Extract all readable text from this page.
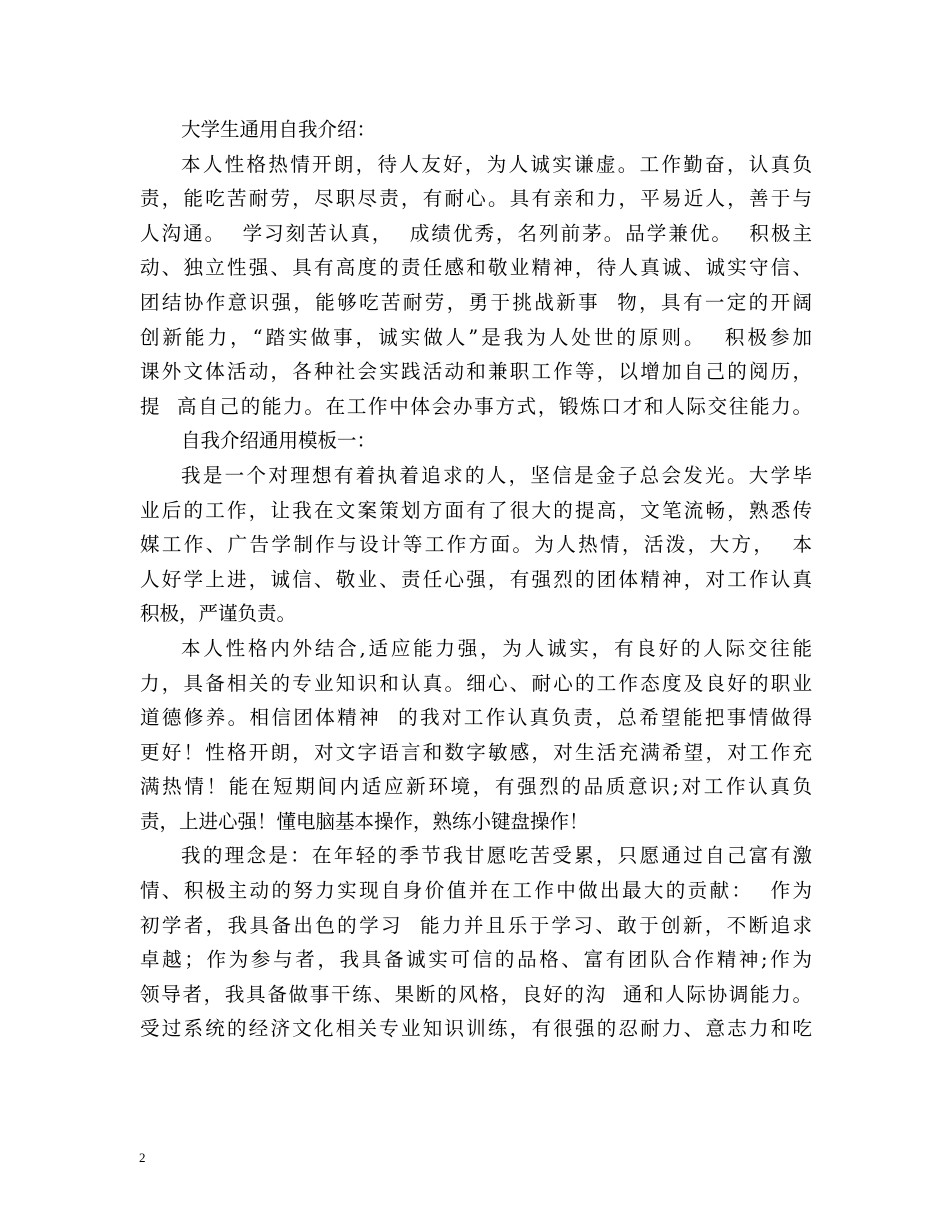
大学生通用自我介绍：
本人性格热情开朗，待人友好，为人诚实谦虚。工作勤奋，认真负
责，能吃苦耐劳，尽职尽责，有耐心。具有亲和力，平易近人，善于与
人沟通。  学习刻苦认真，  成绩优秀，名列前茅。品学兼优。  积极主
动、独立性强、具有高度的责任感和敬业精神，待人真诚、诚实守信、
团结协作意识强，能够吃苦耐劳，勇于挑战新事  物，具有一定的开阔
创新能力，“踏实做事，诚实做人”是我为人处世的原则。  积极参加
课外文体活动，各种社会实践活动和兼职工作等，以增加自己的阅历，
提  高自己的能力。在工作中体会办事方式，锻炼口才和人际交往能力。
自我介绍通用模板一：
我是一个对理想有着执着追求的人，坚信是金子总会发光。大学毕
业后的工作，让我在文案策划方面有了很大的提高，文笔流畅，熟悉传
媒工作、广告学制作与设计等工作方面。为人热情，活泼，大方，  本
人好学上进，诚信、敬业、责任心强，有强烈的团体精神，对工作认真
积极，严谨负责。
本人性格内外结合,适应能力强，为人诚实，有良好的人际交往能
力，具备相关的专业知识和认真。细心、耐心的工作态度及良好的职业
道德修养。相信团体精神  的我对工作认真负责，总希望能把事情做得
更好！性格开朗，对文字语言和数字敏感，对生活充满希望，对工作充
满热情！能在短期间内适应新环境，有强烈的品质意识;对工作认真负
责，上进心强！懂电脑基本操作，熟练小键盘操作！
我的理念是：在年轻的季节我甘愿吃苦受累，只愿通过自己富有激
情、积极主动的努力实现自身价值并在工作中做出最大的贡献：  作为
初学者，我具备出色的学习  能力并且乐于学习、敢于创新，不断追求
卓越；作为参与者，我具备诚实可信的品格、富有团队合作精神;作为
领导者，我具备做事干练、果断的风格，良好的沟  通和人际协调能力。
受过系统的经济文化相关专业知识训练，有很强的忍耐力、意志力和吃
2
